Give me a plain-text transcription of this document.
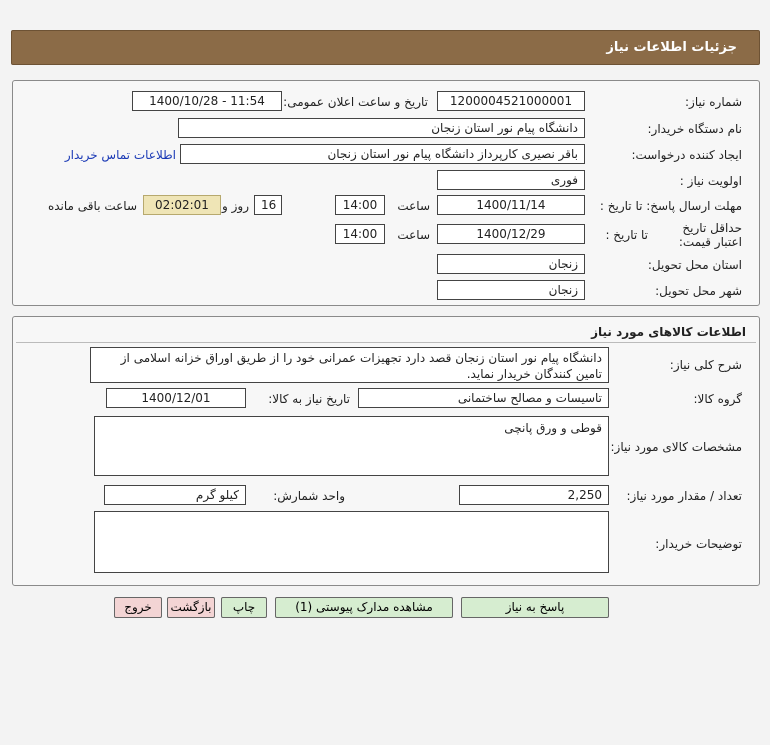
جزئیات اطلاعات نیاز
شماره نیاز:
1200004521000001
تاریخ و ساعت اعلان عمومی:
1400/10/28 - 11:54
نام دستگاه خریدار:
دانشگاه پیام نور استان زنجان
ایجاد کننده درخواست:
باقر نصیری کارپرداز دانشگاه پیام نور استان زنجان
اطلاعات تماس خریدار
اولویت نیاز :
فوری
مهلت ارسال پاسخ: تا تاریخ :
1400/11/14
ساعت
14:00
16
روز و
02:02:01
ساعت باقی مانده
حداقل تاریخ اعتبار قیمت:
تا تاریخ :
1400/12/29
ساعت
14:00
استان محل تحویل:
زنجان
شهر محل تحویل:
زنجان
اطلاعات کالاهای مورد نیاز
شرح کلی نیاز:
دانشگاه پیام نور استان زنجان قصد دارد تجهیزات عمرانی خود را از طریق اوراق خزانه اسلامی از تامین کنندگان خریدار نماید.
گروه کالا:
تاسیسات و مصالح ساختمانی
تاریخ نیاز به کالا:
1400/12/01
مشخصات کالای مورد نیاز:
قوطی و ورق پانچی
تعداد / مقدار مورد نیاز:
2,250
واحد شمارش:
کیلو گرم
توضیحات خریدار:
پاسخ به نیاز
مشاهده مدارک پیوستی (1)
چاپ
بازگشت
خروج
